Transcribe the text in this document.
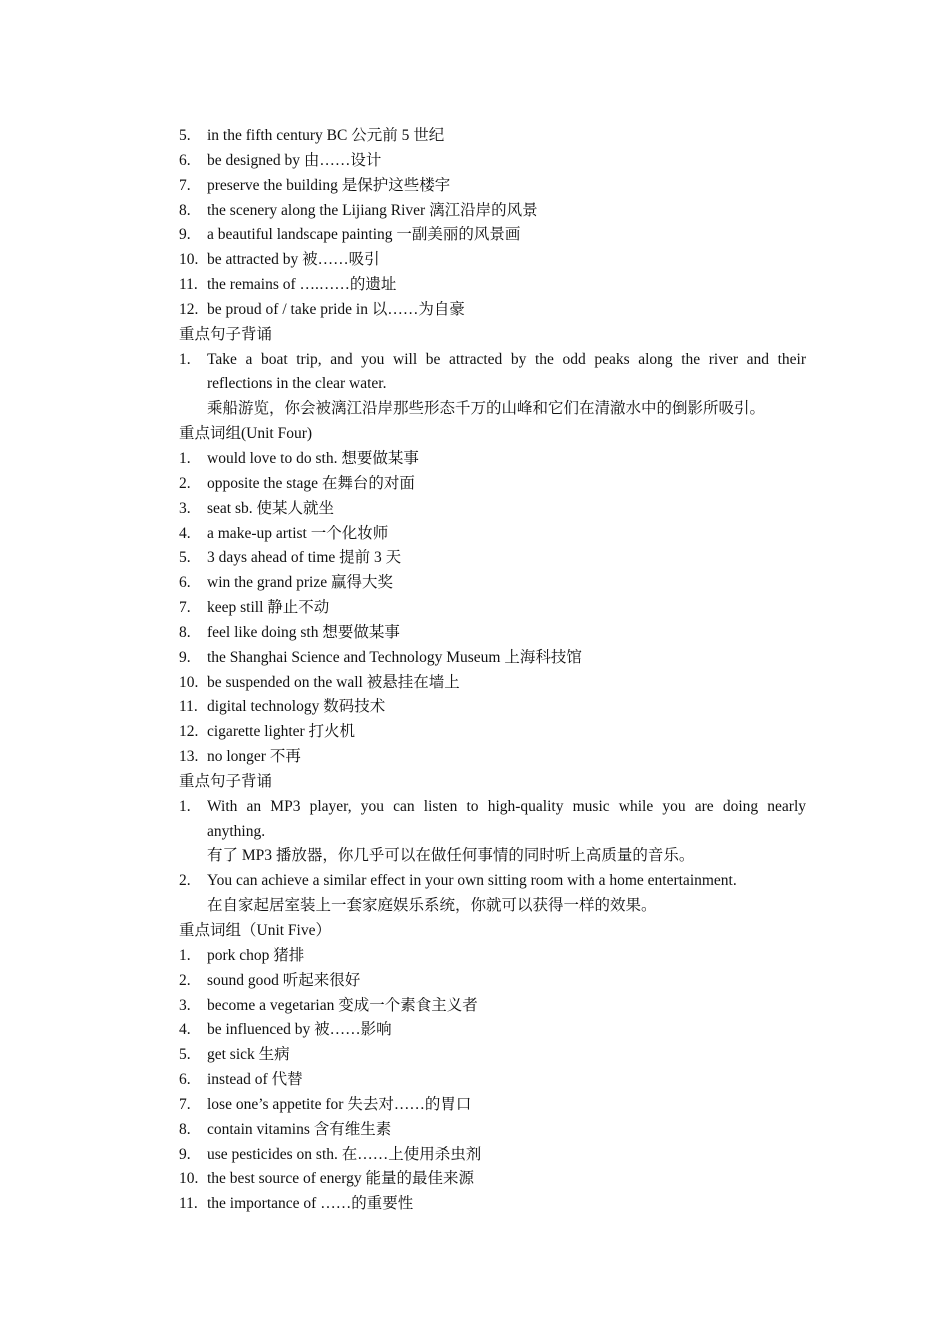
5.	in the fifth century BC 公元前 5 世纪
6.	be designed by 由……设计
7.	preserve the building 是保护这些楼宇
8.	the scenery along the Lijiang River 漓江沿岸的风景
9.	a beautiful landscape painting 一副美丽的风景画
10. be attracted by 被……吸引
11. the remains of ….……的遗址
12. be proud of / take pride in 以……为自豪
重点句子背诵
1.	Take a boat trip, and you will be attracted by the odd peaks along the river and their
reflections in the clear water.
乘船游览，你会被漓江沿岸那些形态千万的山峰和它们在清澈水中的倒影所吸引。
重点词组(Unit Four)
1.	would love to do sth. 想要做某事
2.	opposite the stage 在舞台的对面
3.	seat sb. 使某人就坐
4.	a make-up artist 一个化妆师
5.	3 days ahead of time 提前 3 天
6.	win the grand prize 赢得大奖
7.	keep still 静止不动
8.	feel like doing sth 想要做某事
9.	the Shanghai Science and Technology Museum 上海科技馆
10. be suspended on the wall 被悬挂在墙上
11. digital technology 数码技术
12. cigarette lighter 打火机
13. no longer 不再
重点句子背诵
1.	With an MP3 player, you can listen to high-quality music while you are doing nearly
anything.
有了 MP3 播放器，你几乎可以在做任何事情的同时听上高质量的音乐。
2.	You can achieve a similar effect in your own sitting room with a home entertainment.
在自家起居室装上一套家庭娱乐系统，你就可以获得一样的效果。
重点词组（Unit Five）
1.	pork chop 猪排
2.	sound good 听起来很好
3.	become a vegetarian 变成一个素食主义者
4.	be influenced by 被……影响
5.	get sick 生病
6.	instead of 代替
7.	lose one’s appetite for 失去对……的胃口
8.	contain vitamins 含有维生素
9.	use pesticides on sth. 在……上使用杀虫剂
10. the best source of energy 能量的最佳来源
11. the importance of ……的重要性
